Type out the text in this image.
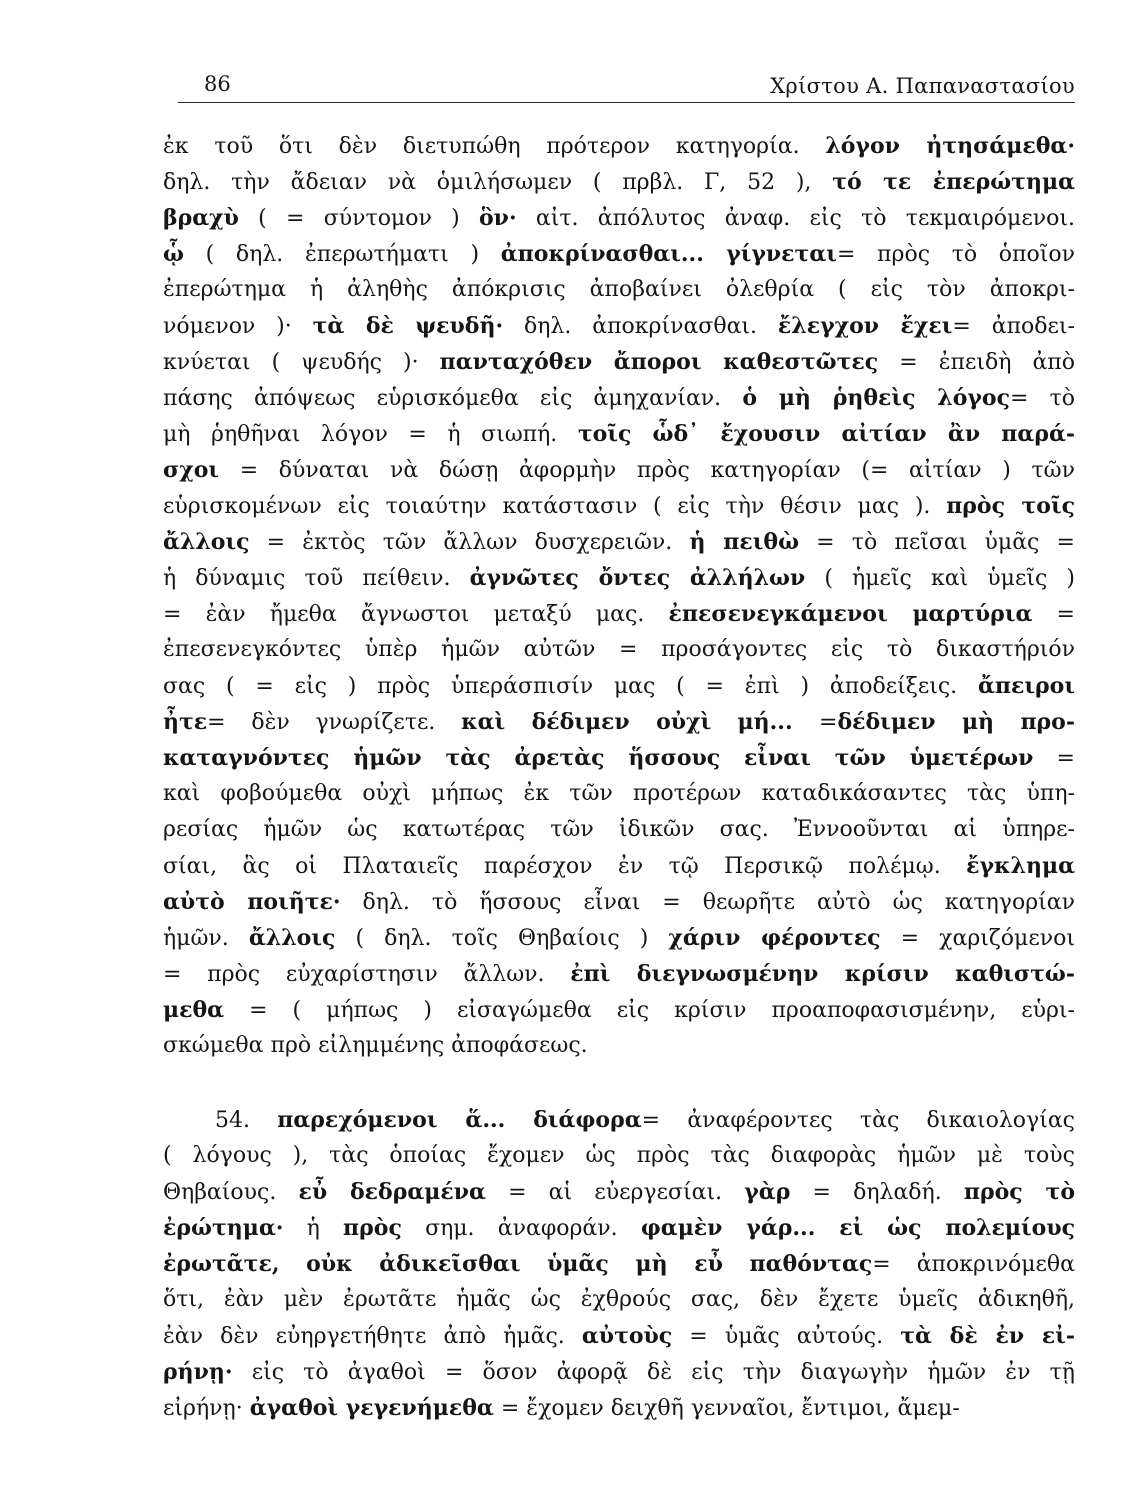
86	Χρίστου Α. Παπαναστασίου
ἐκ τοῦ ὅτι δὲν διετυπώθη πρότερον κατηγορία. λόγον ἠτησάμεθα·
δηλ. τὴν ἄδειαν νὰ ὁμιλήσωμεν ( πρβλ. Γ, 52 ), τό τε ἐπερώτημα
βραχὺ ( = σύντομον ) ὃν· αἰτ. ἀπόλυτος ἀναφ. εἰς τὸ τεκμαιρόμενοι.
ᾧ ( δηλ. ἐπερωτήματι ) ἀποκρίνασθαι... γίγνεται= πρὸς τὸ ὁποῖον
ἐπερώτημα ἡ ἀληθὴς ἀπόκρισις ἀποβαίνει ὀλεθρία ( εἰς τὸν ἀποκρι-
νόμενον )· τὰ δὲ ψευδῆ· δηλ. ἀποκρίνασθαι. ἔλεγχον ἔχει= ἀποδει-
κνύεται ( ψευδής )· πανταχόθεν ἄποροι καθεστῶτες = ἐπειδὴ ἀπὸ
πάσης ἀπόψεως εὑρισκόμεθα εἰς ἀμηχανίαν. ὁ μὴ ῥηθεὶς λόγος= τὸ
μὴ ῥηθῆναι λόγον = ἡ σιωπή. τοῖς ὧδ᾽ ἔχουσιν αἰτίαν ἂν παρά-
σχοι = δύναται νὰ δώσῃ ἀφορμὴν πρὸς κατηγορίαν (= αἰτίαν ) τῶν
εὑρισκομένων εἰς τοιαύτην κατάστασιν ( εἰς τὴν θέσιν μας ). πρὸς τοῖς
ἄλλοις = ἐκτὸς τῶν ἄλλων δυσχερειῶν. ἡ πειθὼ = τὸ πεῖσαι ὑμᾶς =
ἡ δύναμις τοῦ πείθειν. ἀγνῶτες ὄντες ἀλλήλων ( ἡμεῖς καὶ ὑμεῖς )
= ἐὰν ἤμεθα ἄγνωστοι μεταξύ μας. ἐπεσενεγκάμενοι μαρτύρια =
ἐπεσενεγκόντες ὑπὲρ ἡμῶν αὐτῶν = προσάγοντες εἰς τὸ δικαστήριόν
σας ( = εἰς ) πρὸς ὑπεράσπισίν μας ( = ἐπὶ ) ἀποδείξεις. ἄπειροι
ἦτε= δὲν γνωρίζετε. καὶ δέδιμεν οὐχὶ μή... =δέδιμεν μὴ προ-
καταγνόντες ἡμῶν τὰς ἀρετὰς ἥσσους εἶναι τῶν ὑμετέρων =
καὶ φοβούμεθα οὐχὶ μήπως ἐκ τῶν προτέρων καταδικάσαντες τὰς ὑπη-
ρεσίας ἡμῶν ὡς κατωτέρας τῶν ἰδικῶν σας. Ἐννοοῦνται αἱ ὑπηρε-
σίαι, ἃς οἱ Πλαταιεῖς παρέσχον ἐν τῷ Περσικῷ πολέμῳ. ἔγκλημα
αὐτὸ ποιῆτε· δηλ. τὸ ἥσσους εἶναι = θεωρῆτε αὐτὸ ὡς κατηγορίαν
ἡμῶν. ἄλλοις ( δηλ. τοῖς Θηβαίοις ) χάριν φέροντες = χαριζόμενοι
= πρὸς εὐχαρίστησιν ἄλλων. ἐπὶ διεγνωσμένην κρίσιν καθιστώ-
μεθα = ( μήπως ) εἰσαγώμεθα εἰς κρίσιν προαποφασισμένην, εὑρι-
σκώμεθα πρὸ εἰλημμένης ἀποφάσεως.
54. παρεχόμενοι ἅ... διάφορα= ἀναφέροντες τὰς δικαιολογίας
( λόγους ), τὰς ὁποίας ἔχομεν ὡς πρὸς τὰς διαφορὰς ἡμῶν μὲ τοὺς
Θηβαίους. εὖ δεδραμένα = αἱ εὐεργεσίαι. γὰρ = δηλαδή. πρὸς τὸ
ἐρώτημα· ἡ πρὸς σημ. ἀναφοράν. φαμὲν γάρ... εἰ ὡς πολεμίους
ἐρωτᾶτε, οὐκ ἀδικεῖσθαι ὑμᾶς μὴ εὖ παθόντας= ἀποκρινόμεθα
ὅτι, ἐὰν μὲν ἐρωτᾶτε ἡμᾶς ὡς ἐχθρούς σας, δὲν ἔχετε ὑμεῖς ἀδικηθῆ,
ἐὰν δὲν εὐηργετήθητε ἀπὸ ἡμᾶς. αὐτοὺς = ὑμᾶς αὐτούς. τὰ δὲ ἐν εἰ-
ρήνῃ· εἰς τὸ ἀγαθοὶ = ὅσον ἀφορᾷ δὲ εἰς τὴν διαγωγὴν ἡμῶν ἐν τῇ
εἰρήνῃ· ἀγαθοὶ γεγενήμεθα = ἔχομεν δειχθῆ γενναῖοι, ἔντιμοι, ἄμεμ-
